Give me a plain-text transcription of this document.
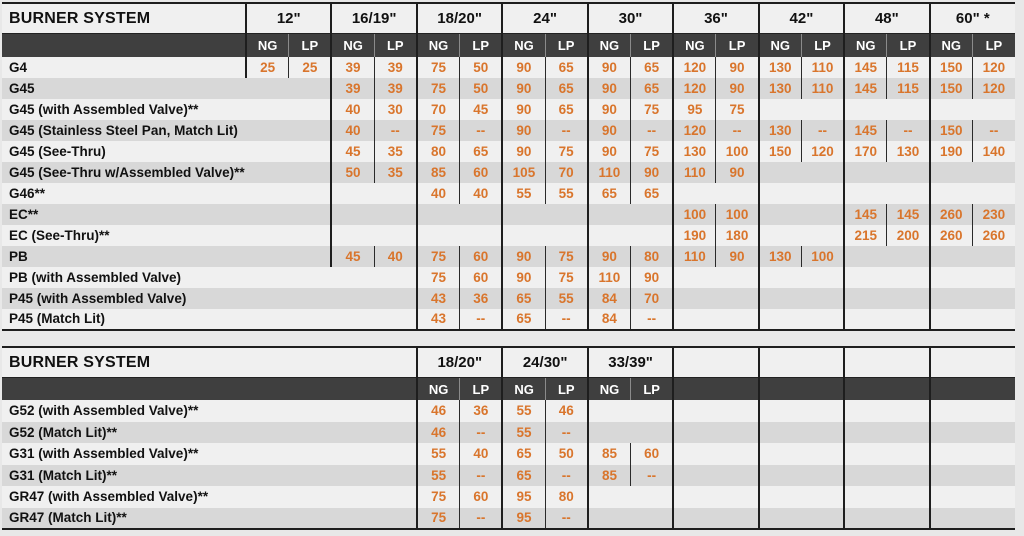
BURNER SYSTEM	12"		16/19"		18/20"		24"		30"		36"		42"		48"		60" *	
	NG	LP	NG	LP	NG	LP	NG	LP	NG	LP	NG	LP	NG	LP	NG	LP	NG	LP
G4	25	25	39	39	75	50	90	65	90	65	120	90	130	110	145	115	150	120
G45			39	39	75	50	90	65	90	65	120	90	130	110	145	115	150	120
G45 (with Assembled Valve)**			40	30	70	45	90	65	90	75	95	75						
G45 (Stainless Steel Pan, Match Lit)			40	--	75	--	90	--	90	--	120	--	130	--	145	--	150	--
G45 (See-Thru)			45	35	80	65	90	75	90	75	130	100	150	120	170	130	190	140
G45 (See-Thru w/Assembled Valve)**			50	35	85	60	105	70	110	90	110	90						
G46**					40	40	55	55	65	65								
EC**											100	100			145	145	260	230
EC (See-Thru)**											190	180			215	200	260	260
PB			45	40	75	60	90	75	90	80	110	90	130	100				
PB (with Assembled Valve)					75	60	90	75	110	90								
P45 (with Assembled Valve)					43	36	65	55	84	70								
P45 (Match Lit)					43	--	65	--	84	--								
BURNER SYSTEM	18/20"		24/30"		33/39"									
	NG	LP	NG	LP	NG	LP								
G52 (with Assembled Valve)**	46	36	55	46										
G52 (Match Lit)**	46	--	55	--										
G31 (with Assembled Valve)**	55	40	65	50	85	60								
G31 (Match Lit)**	55	--	65	--	85	--								
GR47 (with Assembled Valve)**	75	60	95	80										
GR47 (Match Lit)**	75	--	95	--										
